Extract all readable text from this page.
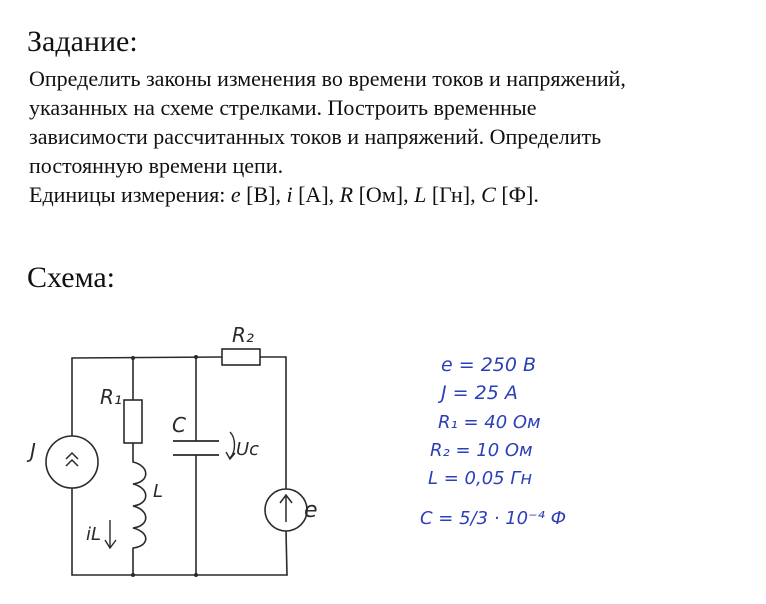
Задание:

Определить законы изменения во времени токов и напряжений,

указанных на схеме стрелками. Построить временные

зависимости рассчитанных токов и напряжений. Определить

постоянную времени цепи.

Единицы измерения: e [В], i [А], R [Ом], L [Гн], C [Ф].

Схема:
R₂
R₁
L
iL
J
C
Uc
e
e = 250 B
J = 25 A
R₁ = 40 Ом
R₂ = 10 Ом
L = 0,05 Гн
C = 5/3 · 10⁻⁴ Ф
